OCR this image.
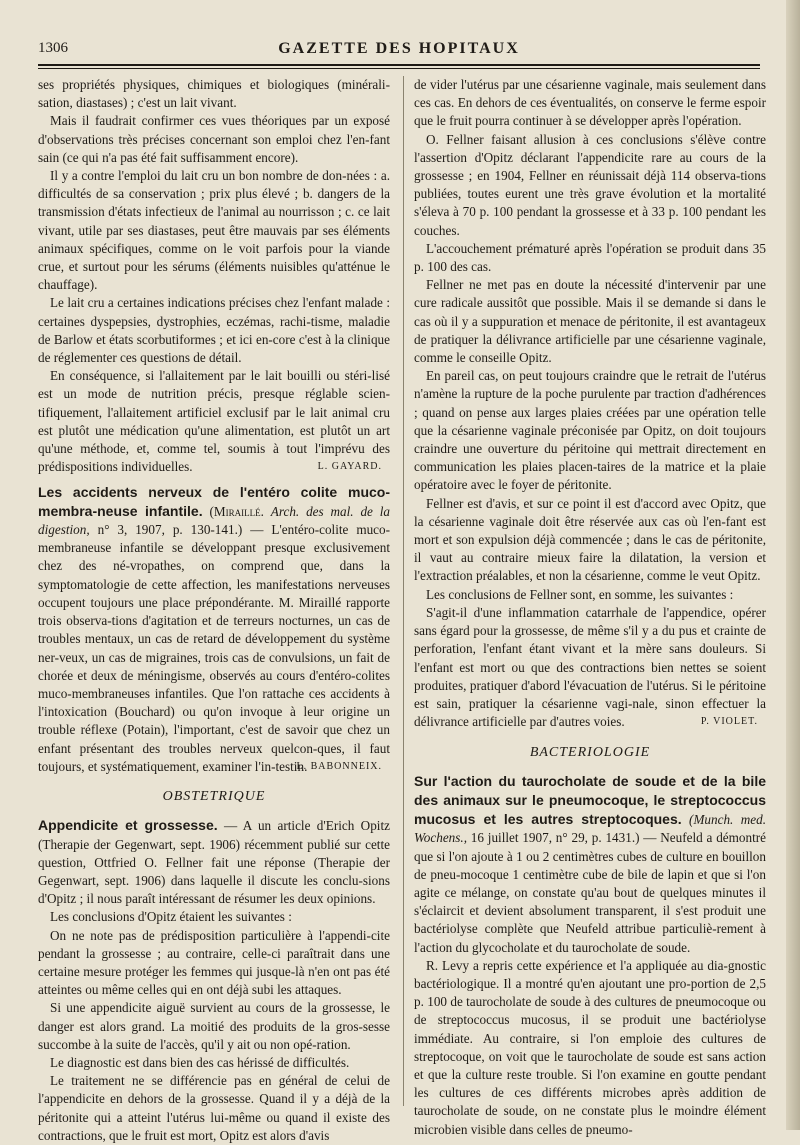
1306	GAZETTE DES HOPITAUX

ses propriétés physiques, chimiques et biologiques (minérali-sation, diastases) ; c'est un lait vivant.

Mais il faudrait confirmer ces vues théoriques par un exposé d'observations très précises concernant son emploi chez l'en-fant sain (ce qui n'a pas été fait suffisamment encore).

Il y a contre l'emploi du lait cru un bon nombre de don-nées : a. difficultés de sa conservation ; prix plus élevé ; b. dangers de la transmission d'états infectieux de l'animal au nourrisson ; c. ce lait vivant, utile par ses diastases, peut être mauvais par ses éléments animaux spécifiques, comme on le voit parfois pour la viande crue, et surtout pour les sérums (éléments nuisibles qu'atténue le chauffage).

Le lait cru a certaines indications précises chez l'enfant malade : certaines dyspepsies, dystrophies, eczémas, rachi-tisme, maladie de Barlow et états scorbutiformes ; et ici en-core c'est à la clinique de réglementer ces questions de détail.

En conséquence, si l'allaitement par le lait bouilli ou stéri-lisé est un mode de nutrition précis, presque réglable scien-tifiquement, l'allaitement artificiel exclusif par le lait animal cru est plutôt une médication qu'une alimentation, est plutôt un art qu'une méthode, et, comme tel, soumis à tout l'imprévu des prédispositions individuelles.	L. GAYARD.

Les accidents nerveux de l'entéro colite muco-membra-neuse infantile. (Miraillé. Arch. des mal. de la digestion, n° 3, 1907, p. 130-141.) — L'entéro-colite muco-membraneuse infantile se développant presque exclusivement chez des né-vropathes, on comprend que, dans la symptomatologie de cette affection, les manifestations nerveuses occupent toujours une place prépondérante. M. Miraillé rapporte trois observa-tions d'agitation et de terreurs nocturnes, un cas de troubles mentaux, un cas de retard de développement du système ner-veux, un cas de migraines, trois cas de convulsions, un fait de chorée et deux de méningisme, observés au cours d'entéro-colites muco-membraneuses infantiles. Que l'on rattache ces accidents à l'intoxication (Bouchard) ou qu'on invoque à leur origine un trouble réflexe (Potain), l'important, c'est de savoir que chez un enfant présentant des troubles nerveux quelcon-ques, il faut toujours, et systématiquement, examiner l'in-testin.

L. BABONNEIX.
OBSTETRIQUE

Appendicite et grossesse. — A un article d'Erich Opitz (Therapie der Gegenwart, sept. 1906) récemment publié sur cette question, Ottfried O. Fellner fait une réponse (Therapie der Gegenwart, sept. 1906) dans laquelle il discute les conclu-sions d'Opitz ; il nous paraît intéressant de résumer les deux opinions.

Les conclusions d'Opitz étaient les suivantes :

On ne note pas de prédisposition particulière à l'appendi-cite pendant la grossesse ; au contraire, celle-ci paraîtrait dans une certaine mesure protéger les femmes qui jusque-là n'en ont pas été atteintes ou même celles qui en ont déjà subi les attaques.

Si une appendicite aiguë survient au cours de la grossesse, le danger est alors grand. La moitié des produits de la gros-sesse succombe à la suite de l'accès, qu'il y ait ou non opé-ration.

Le diagnostic est dans bien des cas hérissé de difficultés.

Le traitement ne se différencie pas en général de celui de l'appendicite en dehors de la grossesse. Quand il y a déjà de la péritonite qui a atteint l'utérus lui-même ou quand il existe des contractions, que le fruit est mort, Opitz est alors d'avis

de vider l'utérus par une césarienne vaginale, mais seulement dans ces cas. En dehors de ces éventualités, on conserve le ferme espoir que le fruit pourra continuer à se développer après l'opération.

O. Fellner faisant allusion à ces conclusions s'élève contre l'assertion d'Opitz déclarant l'appendicite rare au cours de la grossesse ; en 1904, Fellner en réunissait déjà 114 observa-tions publiées, toutes eurent une très grave évolution et la mortalité s'éleva à 70 p. 100 pendant la grossesse et à 33 p. 100 pendant les couches.

L'accouchement prématuré après l'opération se produit dans 35 p. 100 des cas.

Fellner ne met pas en doute la nécessité d'intervenir par une cure radicale aussitôt que possible. Mais il se demande si dans le cas où il y a suppuration et menace de péritonite, il est avantageux de pratiquer la délivrance artificielle par une césarienne vaginale, comme le conseille Opitz.

En pareil cas, on peut toujours craindre que le retrait de l'utérus n'amène la rupture de la poche purulente par traction d'adhérences ; quand on pense aux larges plaies créées par une opération telle que la césarienne vaginale préconisée par Opitz, on doit toujours craindre une ouverture du péritoine qui mettrait directement en communication les plaies placen-taires de la matrice et la plaie opératoire avec le foyer de péritonite.

Fellner est d'avis, et sur ce point il est d'accord avec Opitz, que la césarienne vaginale doit être réservée aux cas où l'en-fant est mort et son expulsion déjà commencée ; dans le cas de péritonite, il vaut au contraire mieux faire la dilatation, la version et l'extraction préalables, et non la césarienne, comme le veut Opitz.

Les conclusions de Fellner sont, en somme, les suivantes :

S'agit-il d'une inflammation catarrhale de l'appendice, opérer sans égard pour la grossesse, de même s'il y a du pus et crainte de perforation, l'enfant étant vivant et la mère sans douleurs. Si l'enfant est mort ou que des contractions bien nettes se soient produites, pratiquer d'abord l'évacuation de l'utérus. Si le péritoine est sain, pratiquer la césarienne vagi-nale, sinon effectuer la délivrance artificielle par d'autres voies.	P. VIOLET.
BACTERIOLOGIE

Sur l'action du taurocholate de soude et de la bile des animaux sur le pneumocoque, le streptococcus mucosus et les autres streptocoques. (Munch. med. Wochens., 16 juillet 1907, n° 29, p. 1431.) — Neufeld a démontré que si l'on ajoute à 1 ou 2 centimètres cubes de culture en bouillon de pneu-mocoque 1 centimètre cube de bile de lapin et que si l'on agite ce mélange, on constate qu'au bout de quelques minutes il s'éclaircit et devient absolument transparent, il s'est produit une bactériolyse complète que Neufeld attribue particuliè-rement à l'action du glycocholate et du taurocholate de soude.

R. Levy a repris cette expérience et l'a appliquée au dia-gnostic bactériologique. Il a montré qu'en ajoutant une pro-portion de 2,5 p. 100 de taurocholate de soude à des cultures de pneumocoque ou de streptococcus mucosus, il se produit une bactériolyse immédiate. Au contraire, si l'on emploie des cultures de streptocoque, on voit que le taurocholate de soude est sans action et que la culture reste trouble. Si l'on examine en goutte pendant les cultures de ces différents microbes après addition de taurocholate de soude, on ne constate plus le moindre élément microbien visible dans celles de pneumo-
